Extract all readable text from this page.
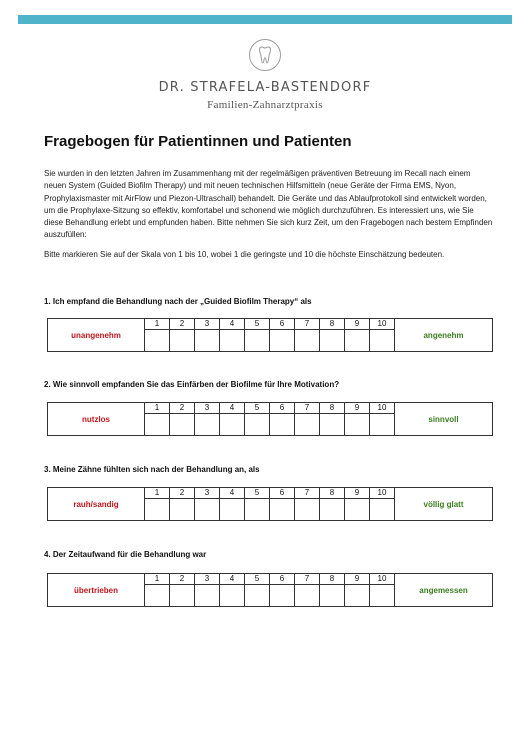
DR. STRAFELA-BASTENDORF
Familien-Zahnarztpraxis
Fragebogen für Patientinnen und Patienten

Sie wurden in den letzten Jahren im Zusammenhang mit der regelmäßigen präventiven Betreuung im Recall nach einem neuen System (Guided Biofilm Therapy) und mit neuen technischen Hilfsmitteln (neue Geräte der Firma EMS, Nyon, Prophylaxismaster mit AirFlow und Piezon-Ultraschall) behandelt. Die Geräte und das Ablaufprotokoll sind entwickelt worden, um die Prophylaxe-Sitzung so effektiv, komfortabel und schonend wie möglich durchzuführen. Es interessiert uns, wie Sie diese Behandlung erlebt und empfunden haben. Bitte nehmen Sie sich kurz Zeit, um den Fragebogen nach bestem Empfinden auszufüllen:

Bitte markieren Sie auf der Skala von 1 bis 10, wobei 1 die geringste und 10 die höchste Einschätzung bedeuten.

1. Ich empfand die Behandlung nach der „Guided Biofilm Therapy“ als

unangenehm	1	2	3	4	5	6	7	8	9	10	angenehm

2. Wie sinnvoll empfanden Sie das Einfärben der Biofilme für Ihre Motivation?

nutzlos	1	2	3	4	5	6	7	8	9	10	sinnvoll

3. Meine Zähne fühlten sich nach der Behandlung an, als

rauh/sandig	1	2	3	4	5	6	7	8	9	10	völlig glatt

4. Der Zeitaufwand für die Behandlung war

übertrieben	1	2	3	4	5	6	7	8	9	10	angemessen
